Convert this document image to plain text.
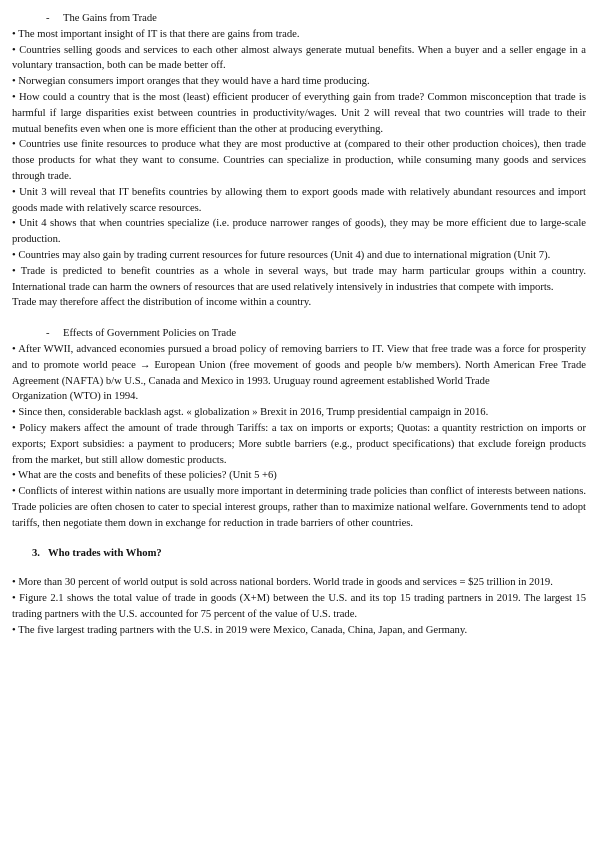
-	The Gains from Trade

• The most important insight of IT is that there are gains from trade.

• Countries selling goods and services to each other almost always generate mutual benefits. When a buyer and a seller engage in a voluntary transaction, both can be made better off.

• Norwegian consumers import oranges that they would have a hard time producing.

• How could a country that is the most (least) efficient producer of everything gain from trade? Common misconception that trade is harmful if large disparities exist between countries in productivity/wages. Unit 2 will reveal that two countries will trade to their mutual benefits even when one is more efficient than the other at producing everything.

• Countries use finite resources to produce what they are most productive at (compared to their other production choices), then trade those products for what they want to consume. Countries can specialize in production, while consuming many goods and services through trade.

• Unit 3 will reveal that IT benefits countries by allowing them to export goods made with relatively abundant resources and import goods made with relatively scarce resources.

• Unit 4 shows that when countries specialize (i.e. produce narrower ranges of goods), they may be more efficient due to large-scale production.

• Countries may also gain by trading current resources for future resources (Unit 4) and due to international migration (Unit 7).

• Trade is predicted to benefit countries as a whole in several ways, but trade may harm particular groups within a country. International trade can harm the owners of resources that are used relatively intensively in industries that compete with imports.

Trade may therefore affect the distribution of income within a country.

-	Effects of Government Policies on Trade

• After WWII, advanced economies pursued a broad policy of removing barriers to IT. View that free trade was a force for prosperity and to promote world peace → European Union (free movement of goods and people b/w members). North American Free Trade Agreement (NAFTA) b/w U.S., Canada and Mexico in 1993. Uruguay round agreement established World Trade

Organization (WTO) in 1994.

• Since then, considerable backlash agst. « globalization » Brexit in 2016, Trump presidential campaign in 2016.

• Policy makers affect the amount of trade through Tariffs: a tax on imports or exports; Quotas: a quantity restriction on imports or exports; Export subsidies: a payment to producers; More subtle barriers (e.g., product specifications) that exclude foreign products from the market, but still allow domestic products.

• What are the costs and benefits of these policies? (Unit 5 +6)

• Conflicts of interest within nations are usually more important in determining trade policies than conflict of interests between nations. Trade policies are often chosen to cater to special interest groups, rather than to maximize national welfare. Governments tend to adopt tariffs, then negotiate them down in exchange for reduction in trade barriers of other countries.

3. Who trades with Whom?

• More than 30 percent of world output is sold across national borders. World trade in goods and services = $25 trillion in 2019.

• Figure 2.1 shows the total value of trade in goods (X+M) between the U.S. and its top 15 trading partners in 2019. The largest 15 trading partners with the U.S. accounted for 75 percent of the value of U.S. trade.

• The five largest trading partners with the U.S. in 2019 were Mexico, Canada, China, Japan, and Germany.
